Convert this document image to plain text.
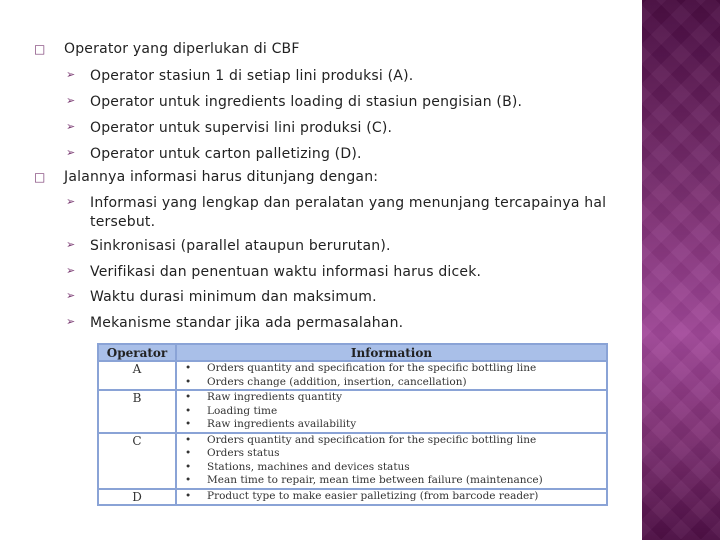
□ Operator yang diperlukan di CBF
➢ Operator stasiun 1 di setiap lini produksi (A).
➢ Operator untuk ingredients loading di stasiun pengisian (B).
➢ Operator untuk supervisi lini produksi (C).
➢ Operator untuk carton palletizing (D).
□ Jalannya informasi harus ditunjang dengan:
➢ Informasi yang lengkap dan peralatan yang menunjang tercapainya hal tersebut.
➢ Sinkronisasi (parallel ataupun berurutan).
➢ Verifikasi dan penentuan waktu informasi harus dicek.
➢ Waktu durasi minimum dan maksimum.
➢ Mekanisme standar jika ada permasalahan.
Operator	Information
A	
•Orders quantity and specification for the specific bottling line
• Orders change (addition, insertion, cancellation)

B	
•Raw ingredients quantity
• Loading time
• Raw ingredients availability

C	
•Orders quantity and specification for the specific bottling line
• Orders status
• Stations, machines and devices status
• Mean time to repair, mean time between failure (maintenance)

D	
•Product type to make easier palletizing (from barcode reader)
